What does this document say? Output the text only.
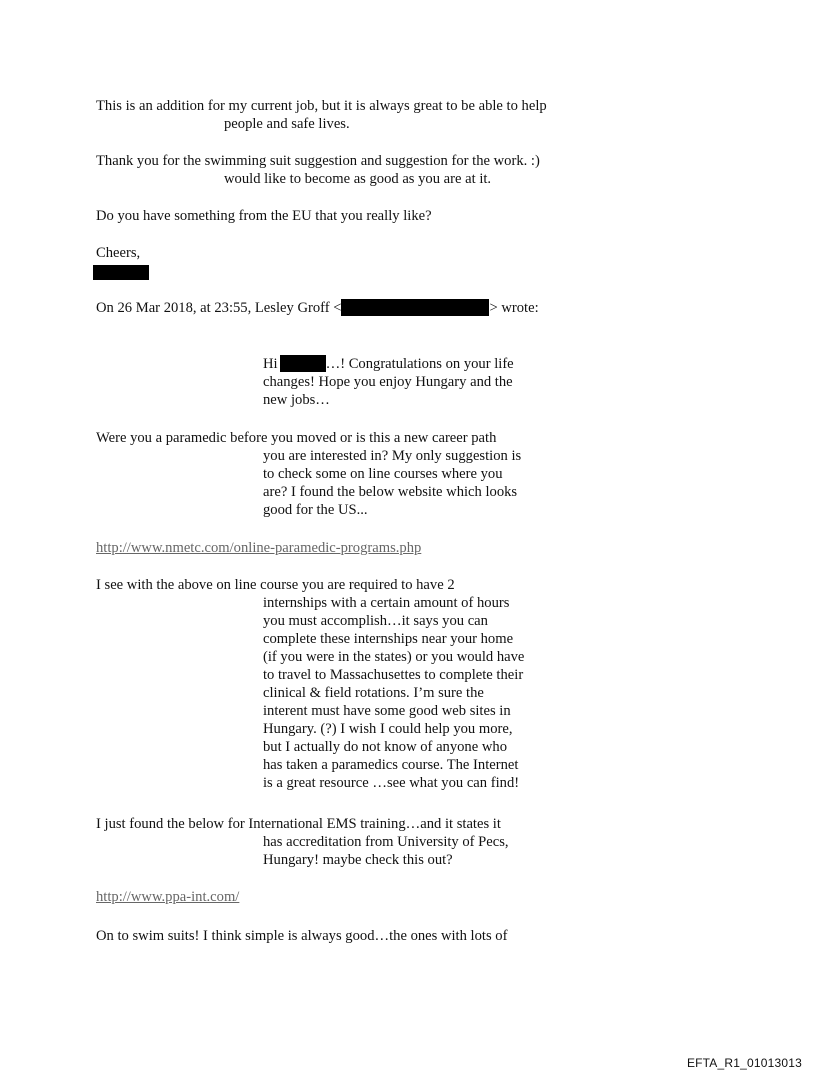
This is an addition for my current job, but it is always great to be able to help
people and safe lives.
Thank you for the swimming suit suggestion and suggestion for the work. :)
would like to become as good as you are at it.
Do you have something from the EU that you really like?
Cheers,
On 26 Mar 2018, at 23:55, Lesley Groff <	> wrote:
Hi	…! Congratulations on your life
changes! Hope you enjoy Hungary and the
new jobs…
Were you a paramedic before you moved or is this a new career path
you are interested in? My only suggestion is
to check some on line courses where you
are? I found the below website which looks
good for the US...
http://www.nmetc.com/online-paramedic-programs.php
I see with the above on line course you are required to have 2
internships with a certain amount of hours
you must accomplish…it says you can
complete these internships near your home
(if you were in the states) or you would have
to travel to Massachusettes to complete their
clinical & field rotations. I’m sure the
interent must have some good web sites in
Hungary. (?) I wish I could help you more,
but I actually do not know of anyone who
has taken a paramedics course. The Internet
is a great resource …see what you can find!
I just found the below for International EMS training…and it states it
has accreditation from University of Pecs,
Hungary! maybe check this out?
http://www.ppa-int.com/
On to swim suits! I think simple is always good…the ones with lots of
EFTA_R1_01013013
